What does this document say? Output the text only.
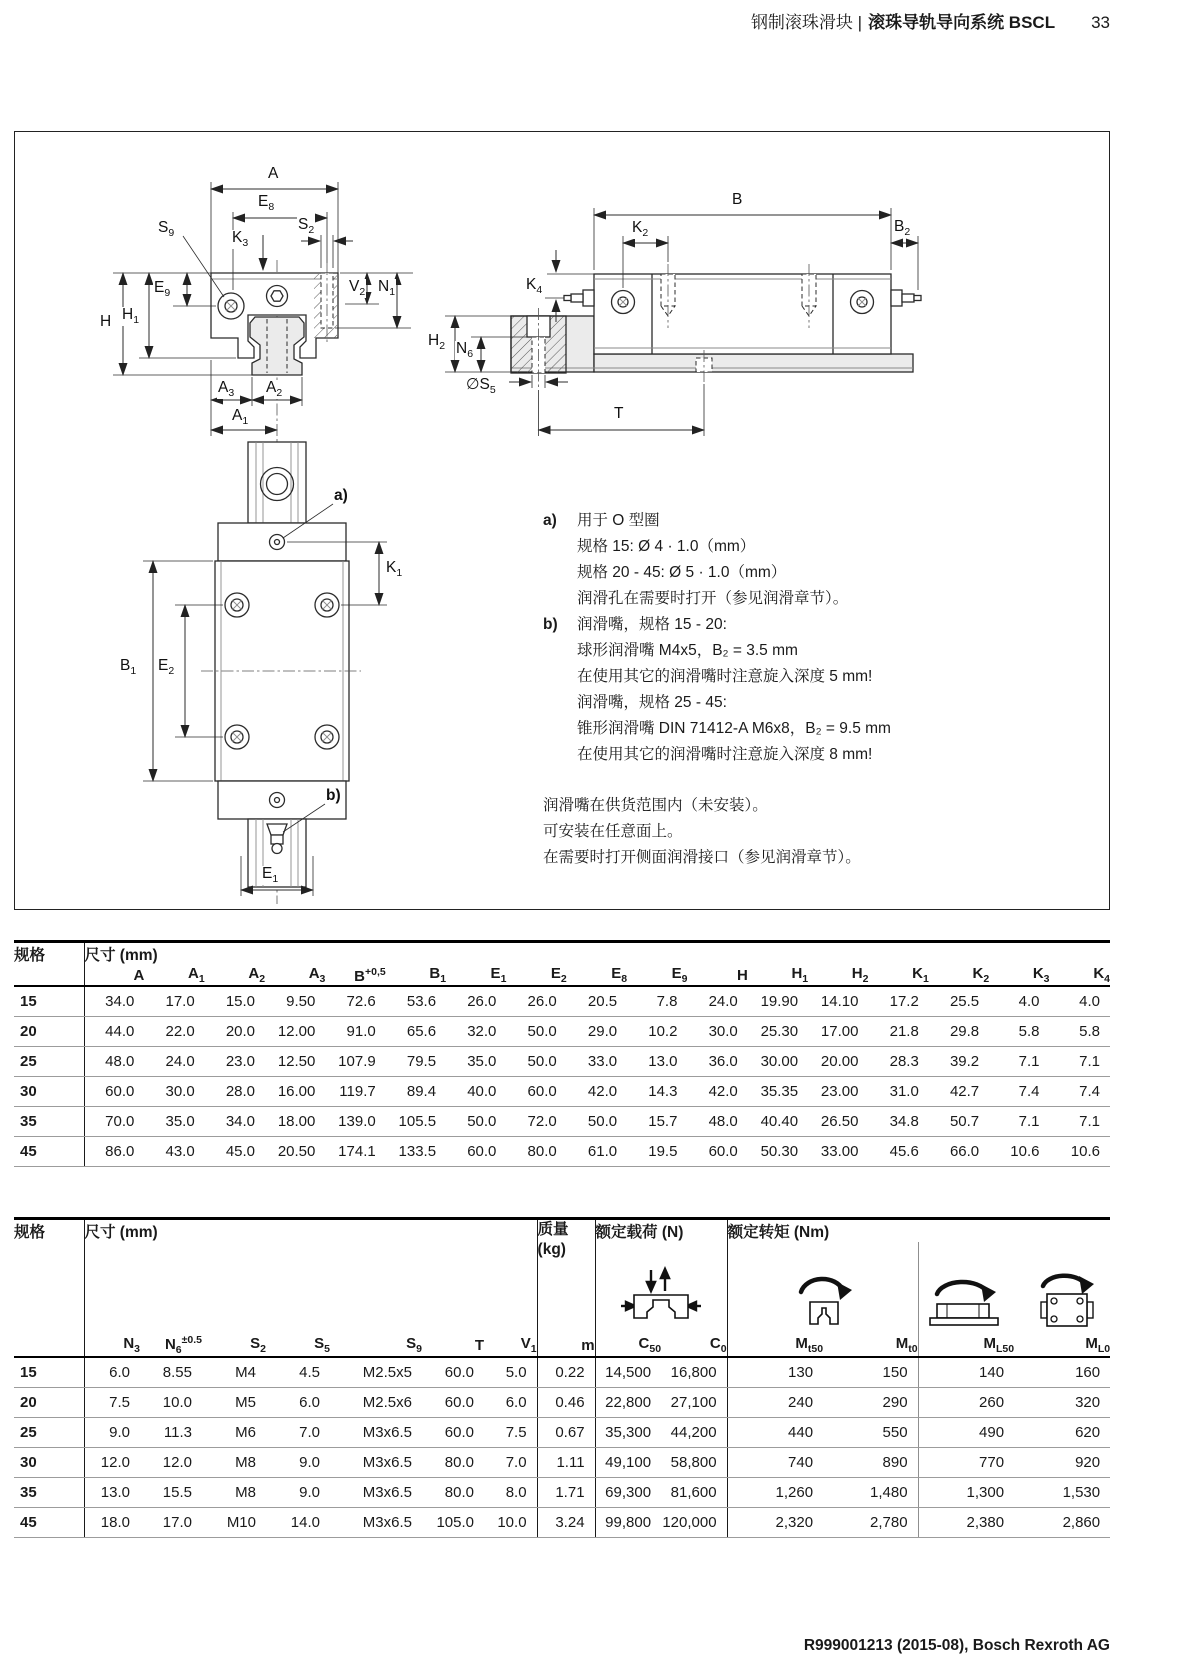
钢制滚珠滑块 | 滚珠导轨导向系统 BSCL 33
A
$E_8$
$S_2$
$K_3$
$S_9$
$V_2$ $N_1$
$E_9$
H $H_1$
$A_3$ $A_2$
$A_1$
B
$K_2$	$B_2$
$K_4$
$H_2$ $N_6$
$\emptyset S_5$
T
a)
$K_1$
$B_1$ $E_2$
b)
$E_1$
a)	用于 O 型圈
规格 15: Ø 4 · 1.0（mm）
规格 20 - 45: Ø 5 · 1.0（mm）
润滑孔在需要时打开（参见润滑章节）。
b)	润滑嘴，规格 15 - 20:
球形润滑嘴 M4x5，B₂ = 3.5 mm
在使用其它的润滑嘴时注意旋入深度 5 mm!
润滑嘴，规格 25 - 45:
锥形润滑嘴 DIN 71412-A M6x8，B₂ = 9.5 mm
在使用其它的润滑嘴时注意旋入深度 8 mm!
润滑嘴在供货范围内（未安装）。
可安装在任意面上。
在需要时打开侧面润滑接口（参见润滑章节）。
规格	尺寸 (mm)																
	A	$A_1$	$A_2$	$A_3$	$B^{+0,5}$	$B_1$	$E_1$	$E_2$	$E_8$	$E_9$	H	$H_1$	$H_2$	$K_1$	$K_2$	$K_3$	$K_4$
15	34.0	17.0	15.0	9.50	72.6	53.6	26.0	26.0	20.5	7.8	24.0	19.90	14.10	17.2	25.5	4.0	4.0
20	44.0	22.0	20.0	12.00	91.0	65.6	32.0	50.0	29.0	10.2	30.0	25.30	17.00	21.8	29.8	5.8	5.8
25	48.0	24.0	23.0	12.50	107.9	79.5	35.0	50.0	33.0	13.0	36.0	30.00	20.00	28.3	39.2	7.1	7.1
30	60.0	30.0	28.0	16.00	119.7	89.4	40.0	60.0	42.0	14.3	42.0	35.35	23.00	31.0	42.7	7.4	7.4
35	70.0	35.0	34.0	18.00	139.0	105.5	50.0	72.0	50.0	15.7	48.0	40.40	26.50	34.8	50.7	7.1	7.1
45	86.0	43.0	45.0	20.50	174.1	133.5	60.0	80.0	61.0	19.5	60.0	50.30	33.00	45.6	66.0	10.6	10.6
规格	尺寸 (mm)							质量
(kg)	额定载荷 (N)		额定转矩 (Nm)			

	$N_3$	$N_6^{\pm 0.5}$	$S_2$	$S_5$	$S_9$	T	$V_1$	m	$C_{50}$	$C_0$	$M_{t50}$	$M_{t0}$	$M_{L50}$	$M_{L0}$
15	6.0	8.55	M4	4.5	M2.5x5	60.0	5.0	0.22	14,500	16,800	130	150	140	160
20	7.5	10.0	M5	6.0	M2.5x6	60.0	6.0	0.46	22,800	27,100	240	290	260	320
25	9.0	11.3	M6	7.0	M3x6.5	60.0	7.5	0.67	35,300	44,200	440	550	490	620
30	12.0	12.0	M8	9.0	M3x6.5	80.0	7.0	1.11	49,100	58,800	740	890	770	920
35	13.0	15.5	M8	9.0	M3x6.5	80.0	8.0	1.71	69,300	81,600	1,260	1,480	1,300	1,530
45	18.0	17.0	M10	14.0	M3x6.5	105.0	10.0	3.24	99,800	120,000	2,320	2,780	2,380	2,860
R999001213 (2015-08), Bosch Rexroth AG
